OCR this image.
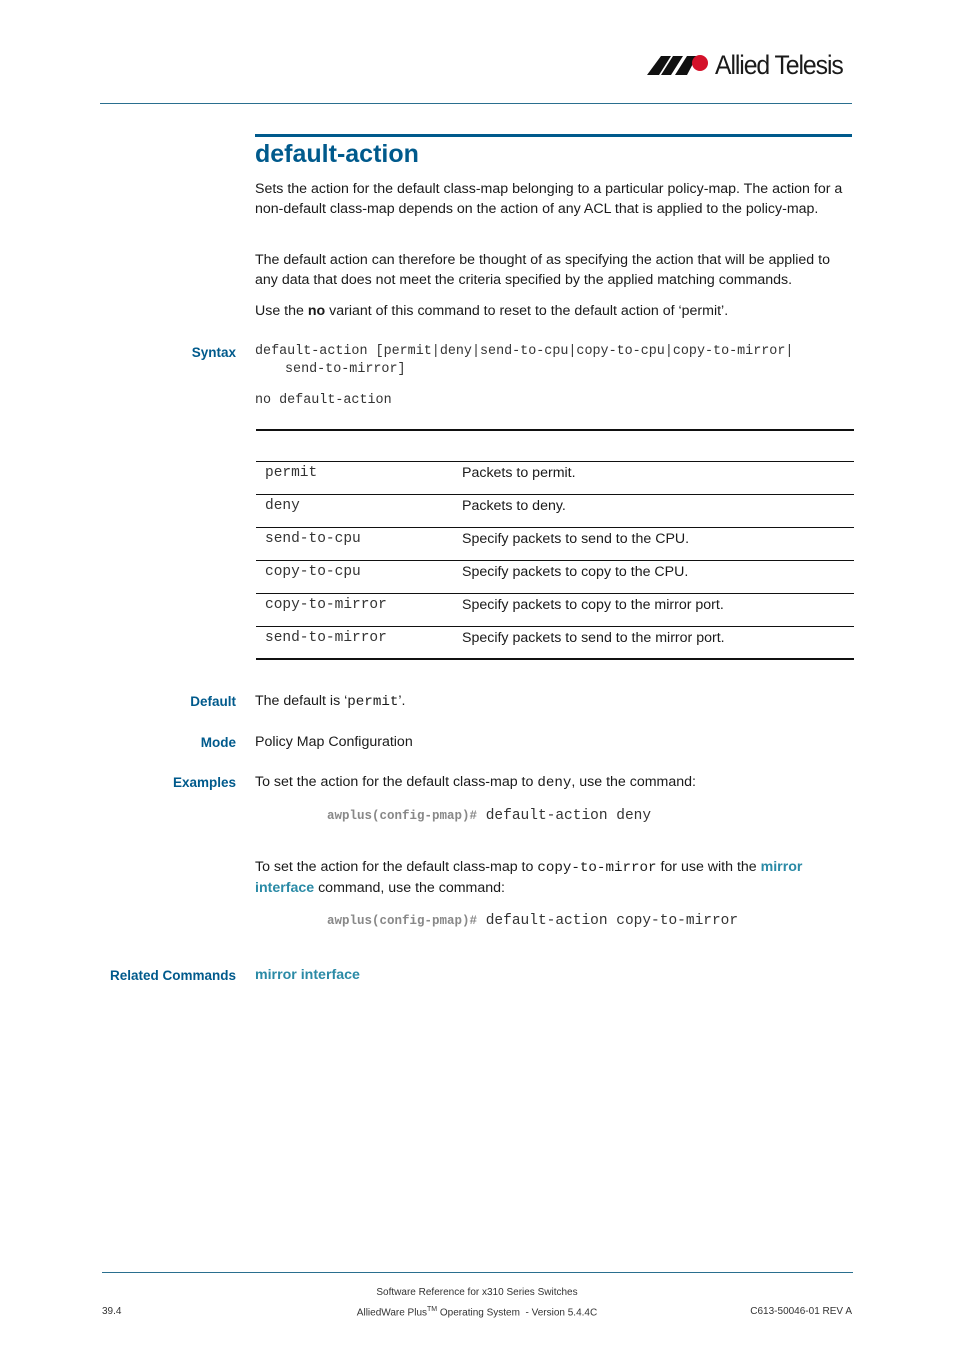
Allied Telesis
default-action

Sets the action for the default class-map belonging to a particular policy-map. The action for a non-default class-map depends on the action of any ACL that is applied to the policy-map.

The default action can therefore be thought of as specifying the action that will be applied to any data that does not meet the criteria specified by the applied matching commands.

Use the no variant of this command to reset to the default action of ‘permit’.

Syntax default-action [permit|deny|send-to-cpu|copy-to-cpu|copy-to-mirror|
send-to-mirror]
no default-action
permit	Packets to permit.
deny	Packets to deny.
send-to-cpu	Specify packets to send to the CPU.
copy-to-cpu	Specify packets to copy to the CPU.
copy-to-mirror	Specify packets to copy to the mirror port.
send-to-mirror	Specify packets to send to the mirror port.
Default The default is ‘permit’.
Mode Policy Map Configuration
Examples To set the action for the default class-map to deny, use the command:
awplus(config-pmap)# default-action deny
To set the action for the default class-map to copy-to-mirror for use with the mirror
interface command, use the command:
awplus(config-pmap)# default-action copy-to-mirror
Related Commands mirror interface
Software Reference for x310 Series Switches
39.4	AlliedWare Plus™ Operating System  - Version 5.4.4C	C613-50046-01 REV A
